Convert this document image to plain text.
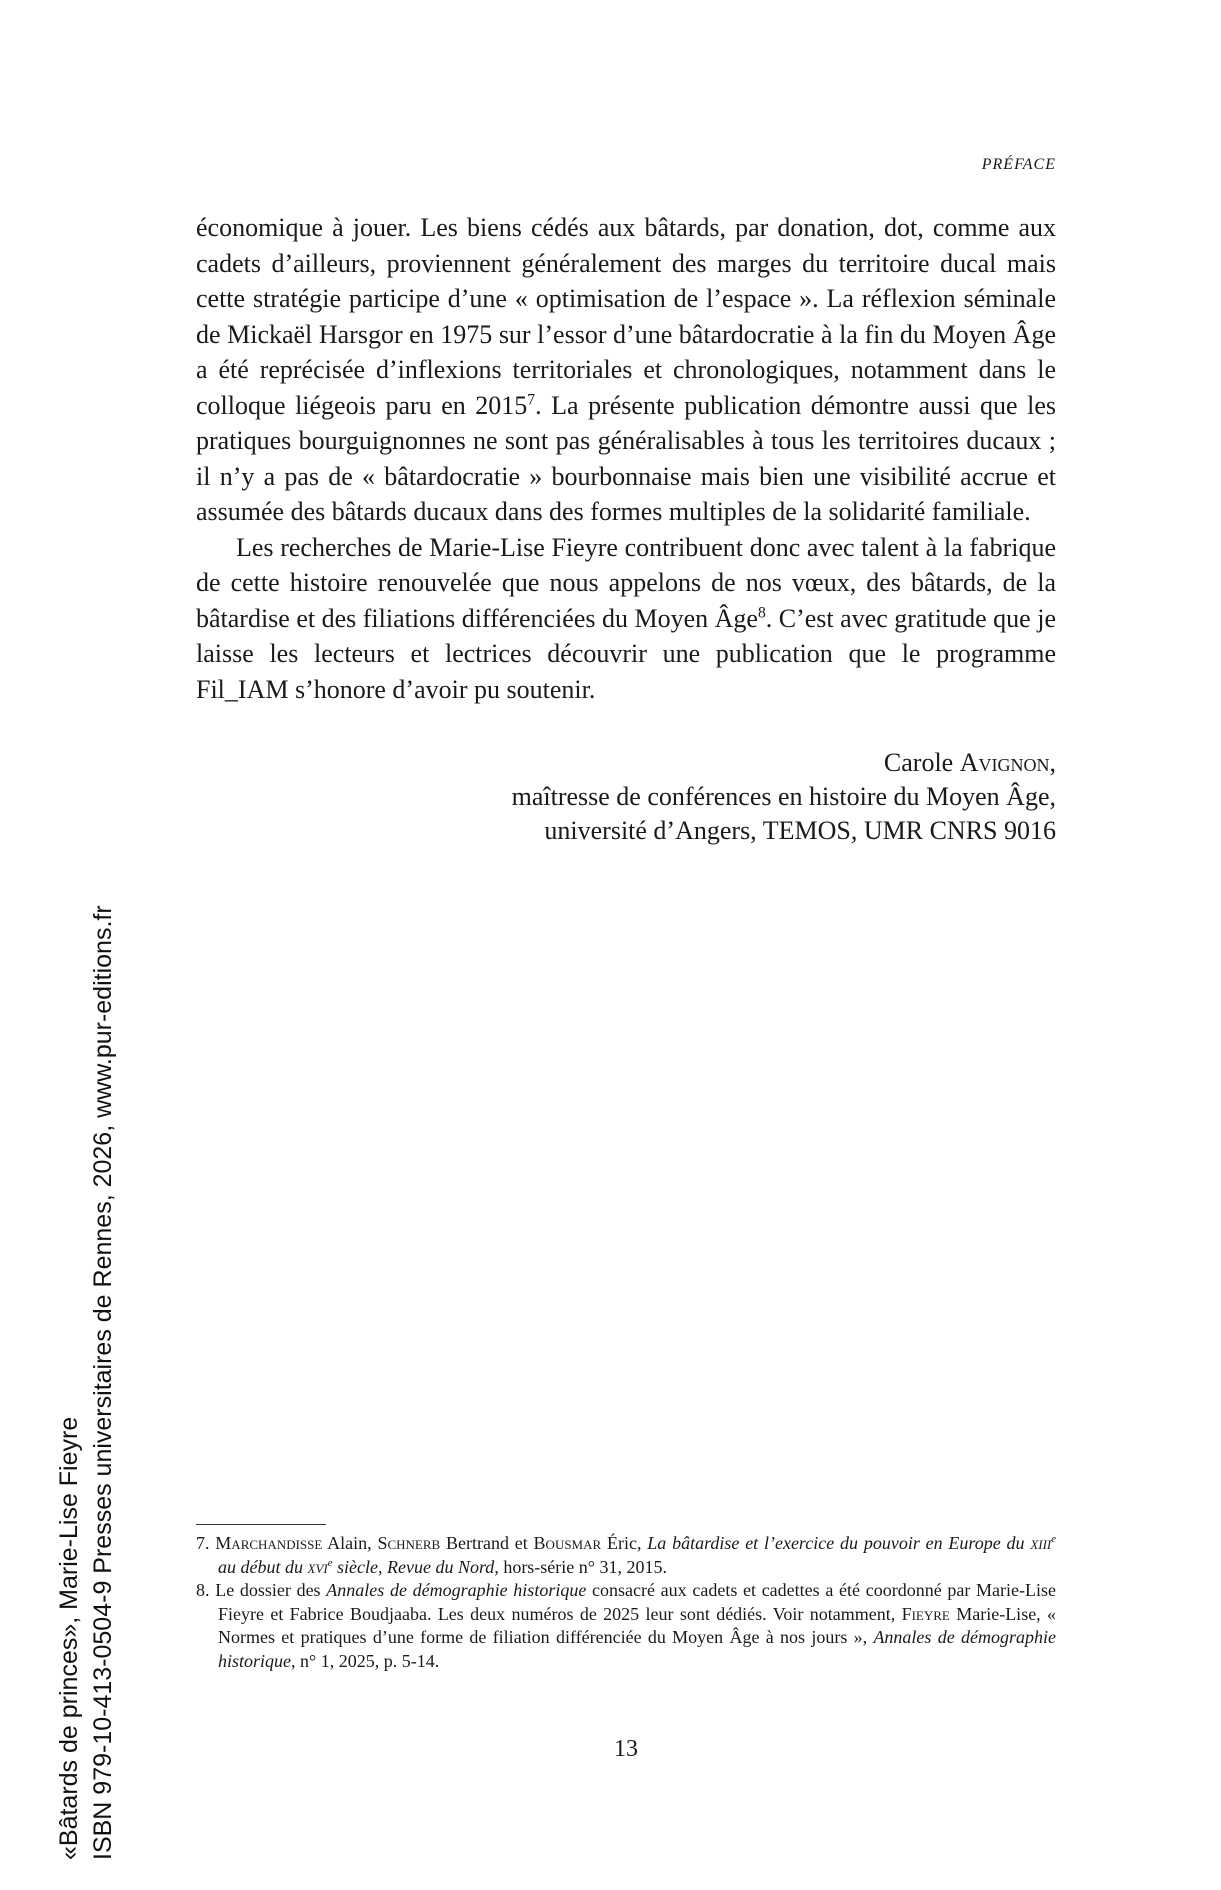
PRÉFACE

économique à jouer. Les biens cédés aux bâtards, par donation, dot, comme aux cadets d’ailleurs, proviennent généralement des marges du territoire ducal mais cette stratégie participe d’une « optimisation de l’espace ». La réflexion séminale de Mickaël Harsgor en 1975 sur l’essor d’une bâtardocratie à la fin du Moyen Âge a été reprécisée d’inflexions territoriales et chronologiques, notamment dans le colloque liégeois paru en 2015$^7$. La présente publication démontre aussi que les pratiques bourguignonnes ne sont pas généralisables à tous les territoires ducaux ; il n’y a pas de « bâtardocratie » bourbonnaise mais bien une visibilité accrue et assumée des bâtards ducaux dans des formes multiples de la solidarité familiale.

Les recherches de Marie-Lise Fieyre contribuent donc avec talent à la fabrique de cette histoire renouvelée que nous appelons de nos vœux, des bâtards, de la bâtardise et des filiations différenciées du Moyen Âge$^8$. C’est avec gratitude que je laisse les lecteurs et lectrices découvrir une publication que le programme Fil_IAM s’honore d’avoir pu soutenir.

Carole Avignon,
maîtresse de conférences en histoire du Moyen Âge,
université d’Angers, TEMOS, UMR CNRS 9016
«Bâtards de princes», Marie-Lise Fieyre ISBN 979-10-413-0504-9 Presses universitaires de Rennes, 2026, www.pur-editions.fr	7. Marchandisse Alain, Schnerb Bertrand et Bousmar Éric, La bâtardise et l’exercice du pouvoir en Europe du xiii$^e$ au début du xvi$^e$ siècle, Revue du Nord, hors-série n° 31, 2015.
8. Le dossier des Annales de démographie historique consacré aux cadets et cadettes a été coordonné par Marie-Lise Fieyre et Fabrice Boudjaaba. Les deux numéros de 2025 leur sont dédiés. Voir notamment, Fieyre Marie-Lise, « Normes et pratiques d’une forme de filiation différenciée du Moyen Âge à nos jours », Annales de démographie historique, n° 1, 2025, p. 5-14.
13
